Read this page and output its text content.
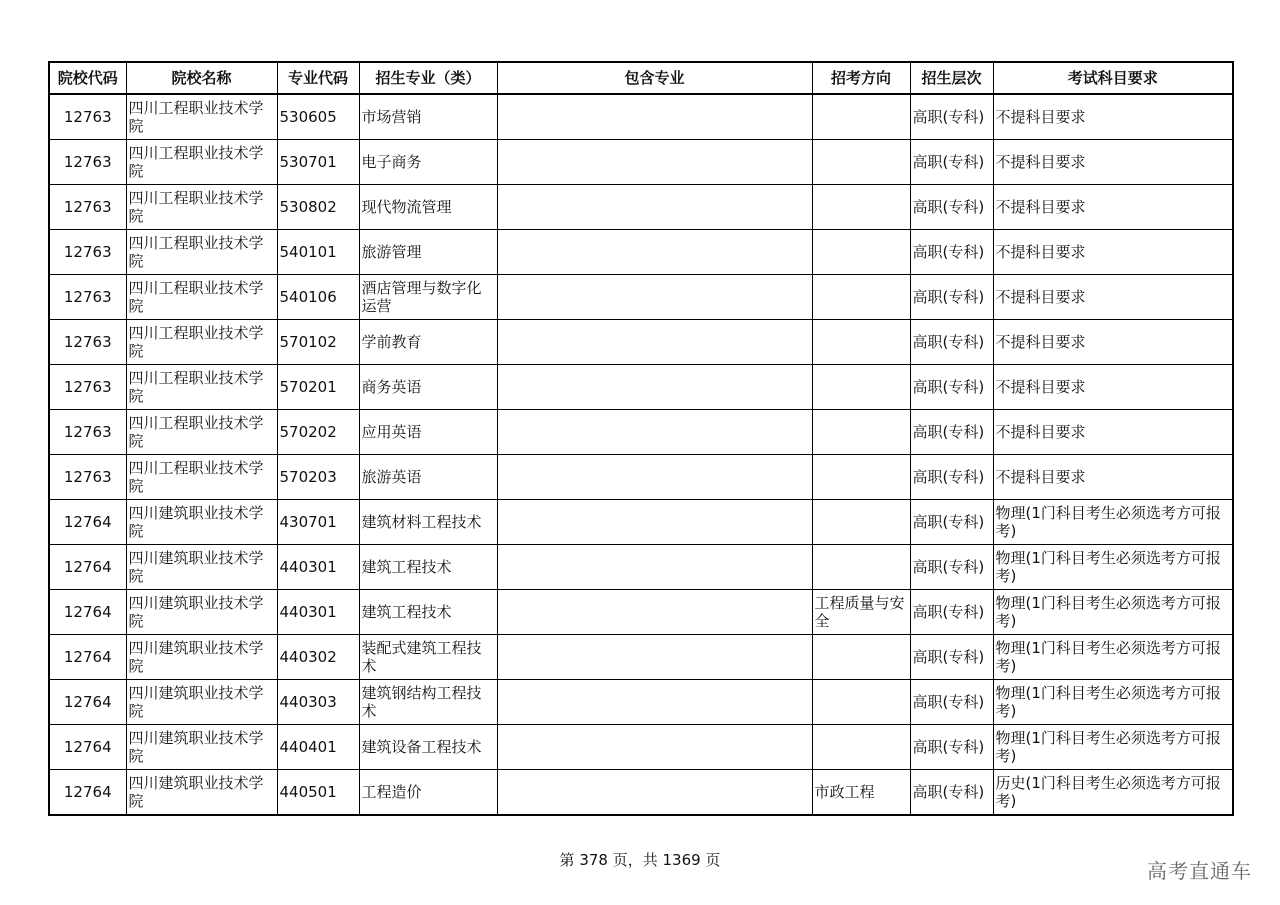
院校代码	院校名称	专业代码	招生专业（类）	包含专业	招考方向	招生层次	考试科目要求
12763	四川工程职业技术学院	530605	市场营销			高职(专科)	不提科目要求
12763	四川工程职业技术学院	530701	电子商务			高职(专科)	不提科目要求
12763	四川工程职业技术学院	530802	现代物流管理			高职(专科)	不提科目要求
12763	四川工程职业技术学院	540101	旅游管理			高职(专科)	不提科目要求
12763	四川工程职业技术学院	540106	酒店管理与数字化运营			高职(专科)	不提科目要求
12763	四川工程职业技术学院	570102	学前教育			高职(专科)	不提科目要求
12763	四川工程职业技术学院	570201	商务英语			高职(专科)	不提科目要求
12763	四川工程职业技术学院	570202	应用英语			高职(专科)	不提科目要求
12763	四川工程职业技术学院	570203	旅游英语			高职(专科)	不提科目要求
12764	四川建筑职业技术学院	430701	建筑材料工程技术			高职(专科)	物理(1门科目考生必须选考方可报考)
12764	四川建筑职业技术学院	440301	建筑工程技术			高职(专科)	物理(1门科目考生必须选考方可报考)
12764	四川建筑职业技术学院	440301	建筑工程技术		工程质量与安全	高职(专科)	物理(1门科目考生必须选考方可报考)
12764	四川建筑职业技术学院	440302	装配式建筑工程技术			高职(专科)	物理(1门科目考生必须选考方可报考)
12764	四川建筑职业技术学院	440303	建筑钢结构工程技术			高职(专科)	物理(1门科目考生必须选考方可报考)
12764	四川建筑职业技术学院	440401	建筑设备工程技术			高职(专科)	物理(1门科目考生必须选考方可报考)
12764	四川建筑职业技术学院	440501	工程造价		市政工程	高职(专科)	历史(1门科目考生必须选考方可报考)
第 378 页，共 1369 页	高考直通车
